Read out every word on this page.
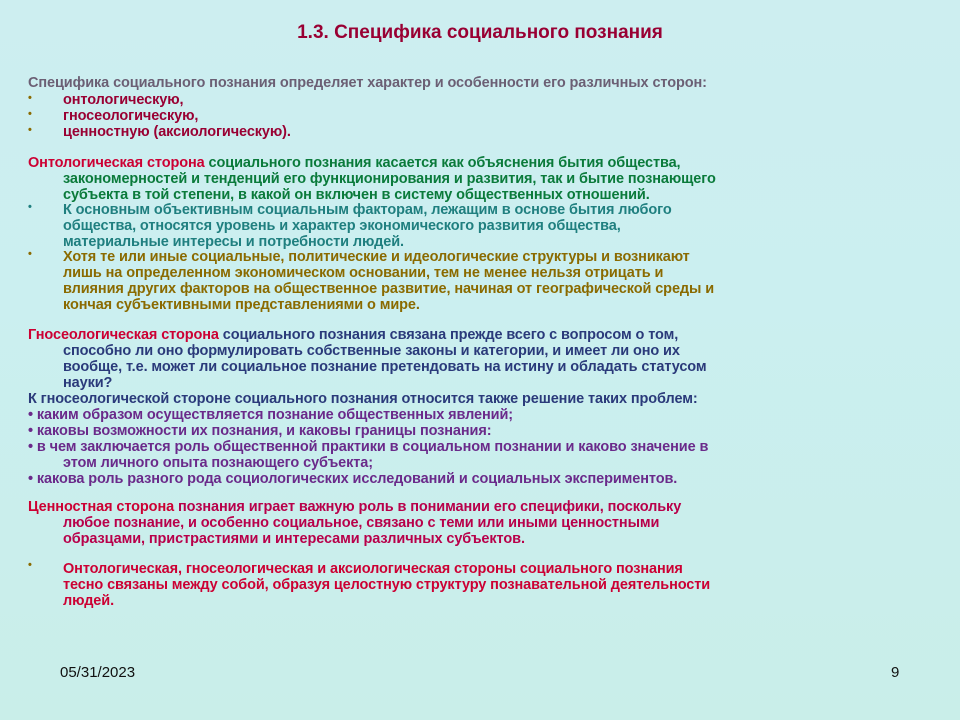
1.3. Специфика социального познания
Специфика социального познания определяет характер и особенности его различных сторон:
• онтологическую,
• гносеологическую,
• ценностную (аксиологическую).
Онтологическая сторона социального познания касается как объяснения бытия общества,
закономерностей и тенденций его функционирования и развития, так и бытие познающего
субъекта в той степени, в какой он включен в систему общественных отношений.
• К основным объективным социальным факторам, лежащим в основе бытия любого
общества, относятся уровень и характер экономического развития общества,
материальные интересы и потребности людей.
• Хотя те или иные социальные, политические и идеологические структуры и возникают
лишь на определенном экономическом основании, тем не менее нельзя отрицать и
влияния других факторов на общественное развитие, начиная от географической среды и
кончая субъективными представлениями о мире.
Гносеологическая сторона социального познания связана прежде всего с вопросом о том,
способно ли оно формулировать собственные законы и категории, и имеет ли оно их
вообще, т.е. может ли социальное познание претендовать на истину и обладать статусом
науки?
К гносеологической стороне социального познания относится также решение таких проблем:
• каким образом осуществляется познание общественных явлений;
• каковы возможности их познания, и каковы границы познания:
• в чем заключается роль общественной практики в социальном познании и каково значение в
этом личного опыта познающего субъекта;
• какова роль разного рода социологических исследований и социальных экспериментов.
Ценностная сторона познания играет важную роль в понимании его специфики, поскольку
любое познание, и особенно социальное, связано с теми или иными ценностными
образцами, пристрастиями и интересами различных субъектов.
• Онтологическая, гносеологическая и аксиологическая стороны социального познания
тесно связаны между собой, образуя целостную структуру познавательной деятельности
людей.
05/31/2023	9
